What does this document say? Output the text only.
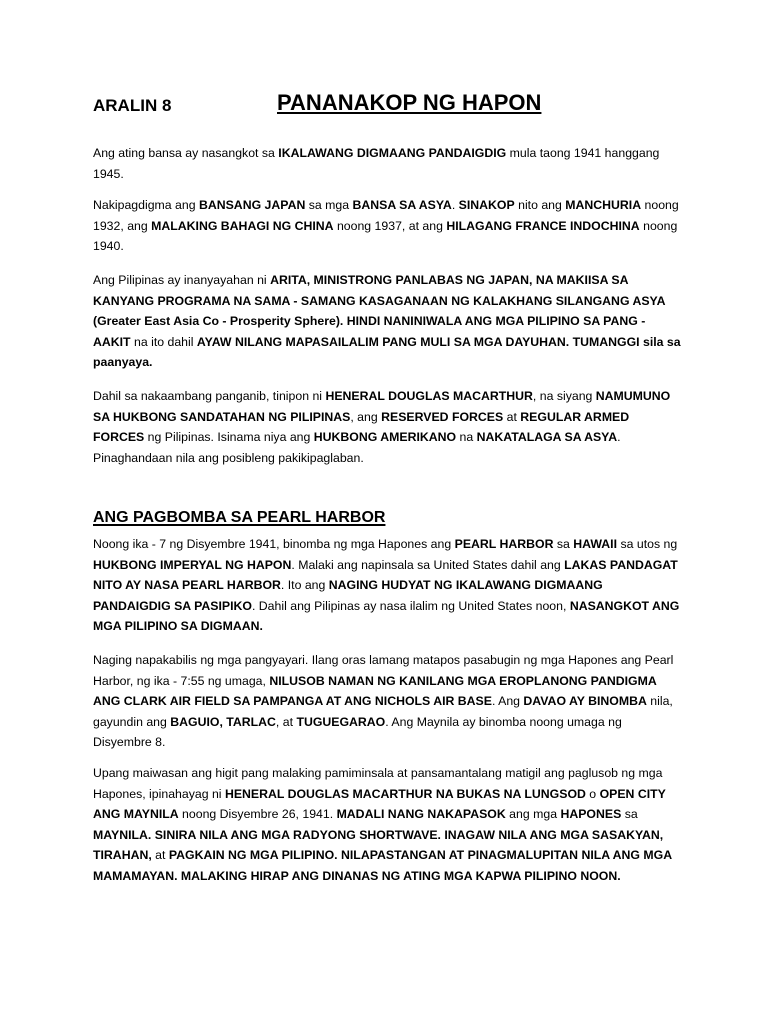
ARALIN 8	PANANAKOP NG HAPON

Ang ating bansa ay nasangkot sa IKALAWANG DIGMAANG PANDAIGDIG mula taong 1941 hanggang 1945.

Nakipagdigma ang BANSANG JAPAN sa mga BANSA SA ASYA. SINAKOP nito ang MANCHURIA noong 1932, ang MALAKING BAHAGI NG CHINA noong 1937, at ang HILAGANG FRANCE INDOCHINA noong 1940.

Ang Pilipinas ay inanyayahan ni ARITA, MINISTRONG PANLABAS NG JAPAN, NA MAKIISA SA KANYANG PROGRAMA NA SAMA - SAMANG KASAGANAAN NG KALAKHANG SILANGANG ASYA (Greater East Asia Co - Prosperity Sphere). HINDI NANINIWALA ANG MGA PILIPINO SA PANG - AAKIT na ito dahil AYAW NILANG MAPASAILALIM PANG MULI SA MGA DAYUHAN. TUMANGGI sila sa paanyaya.

Dahil sa nakaambang panganib, tinipon ni HENERAL DOUGLAS MACARTHUR, na siyang NAMUMUNO SA HUKBONG SANDATAHAN NG PILIPINAS, ang RESERVED FORCES at REGULAR ARMED FORCES ng Pilipinas. Isinama niya ang HUKBONG AMERIKANO na NAKATALAGA SA ASYA. Pinaghandaan nila ang posibleng pakikipaglaban.

ANG PAGBOMBA SA PEARL HARBOR

Noong ika - 7 ng Disyembre 1941, binomba ng mga Hapones ang PEARL HARBOR sa HAWAII sa utos ng HUKBONG IMPERYAL NG HAPON. Malaki ang napinsala sa United States dahil ang LAKAS PANDAGAT NITO AY NASA PEARL HARBOR. Ito ang NAGING HUDYAT NG IKALAWANG DIGMAANG PANDAIGDIG SA PASIPIKO. Dahil ang Pilipinas ay nasa ilalim ng United States noon, NASANGKOT ANG MGA PILIPINO SA DIGMAAN.

Naging napakabilis ng mga pangyayari. Ilang oras lamang matapos pasabugin ng mga Hapones ang Pearl Harbor, ng ika - 7:55 ng umaga, NILUSOB NAMAN NG KANILANG MGA EROPLANONG PANDIGMA ANG CLARK AIR FIELD SA PAMPANGA AT ANG NICHOLS AIR BASE. Ang DAVAO AY BINOMBA nila, gayundin ang BAGUIO, TARLAC, at TUGUEGARAO. Ang Maynila ay binomba noong umaga ng Disyembre 8.

Upang maiwasan ang higit pang malaking pamiminsala at pansamantalang matigil ang paglusob ng mga Hapones, ipinahayag ni HENERAL DOUGLAS MACARTHUR NA BUKAS NA LUNGSOD o OPEN CITY ANG MAYNILA noong Disyembre 26, 1941. MADALI NANG NAKAPASOK ang mga HAPONES sa MAYNILA. SINIRA NILA ANG MGA RADYONG SHORTWAVE. INAGAW NILA ANG MGA SASAKYAN, TIRAHAN, at PAGKAIN NG MGA PILIPINO. NILAPASTANGAN AT PINAGMALUPITAN NILA ANG MGA MAMAMAYAN. MALAKING HIRAP ANG DINANAS NG ATING MGA KAPWA PILIPINO NOON.
